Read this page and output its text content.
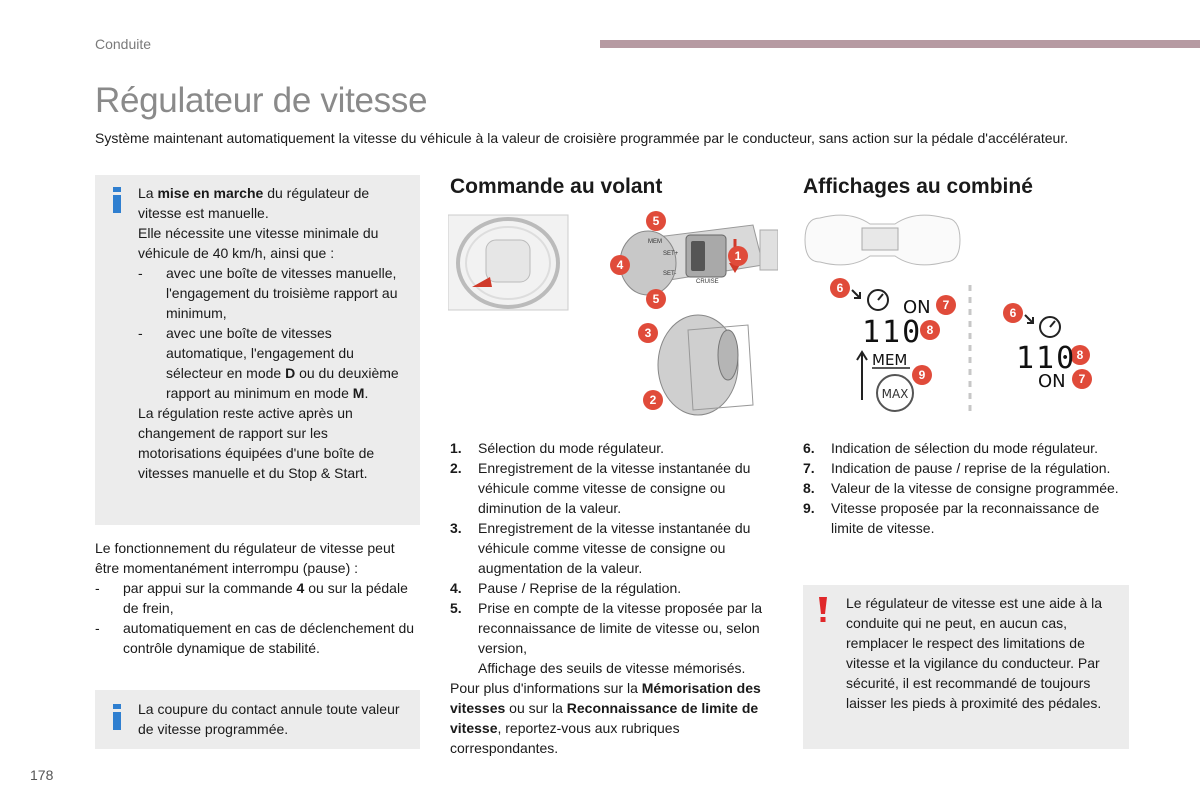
Conduite
Régulateur de vitesse
Système maintenant automatiquement la vitesse du véhicule à la valeur de croisière programmée par le conducteur, sans action sur la pédale d'accélérateur.
La mise en marche du régulateur de vitesse est manuelle.
Elle nécessite une vitesse minimale du véhicule de 40 km/h, ainsi que :
-	avec une boîte de vitesses manuelle, l'engagement du troisième rapport au minimum,
-	avec une boîte de vitesses automatique, l'engagement du sélecteur en mode D ou du deuxième rapport au minimum en mode M.
La régulation reste active après un changement de rapport sur les motorisations équipées d'une boîte de vitesses manuelle et du Stop & Start.
Le fonctionnement du régulateur de vitesse peut être momentanément interrompu (pause) :
-	par appui sur la commande 4 ou sur la pédale de frein,
-	automatiquement en cas de déclenchement du contrôle dynamique de stabilité.
La coupure du contact annule toute valeur de vitesse programmée.
Commande au volant
5
4
5
1
3
2
MEM
SET+
SET-
CRUISE
1.	Sélection du mode régulateur.
2.	Enregistrement de la vitesse instantanée du véhicule comme vitesse de consigne ou diminution de la valeur.
3.	Enregistrement de la vitesse instantanée du véhicule comme vitesse de consigne ou augmentation de la valeur.
4.	Pause / Reprise de la régulation.
5.	Prise en compte de la vitesse proposée par la reconnaissance de limite de vitesse ou, selon version,
Affichage des seuils de vitesse mémorisés.
Pour plus d'informations sur la Mémorisation des vitesses ou sur la Reconnaissance de limite de vitesse, reportez-vous aux rubriques correspondantes.
Affichages au combiné
6
7
8
9
ON
110
MEM
MAX
6
8
7
110
ON
6.	Indication de sélection du mode régulateur.
7.	Indication de pause / reprise de la régulation.
8.	Valeur de la vitesse de consigne programmée.
9.	Vitesse proposée par la reconnaissance de limite de vitesse.
Le régulateur de vitesse est une aide à la conduite qui ne peut, en aucun cas, remplacer le respect des limitations de vitesse et la vigilance du conducteur. Par sécurité, il est recommandé de toujours laisser les pieds à proximité des pédales.
178
